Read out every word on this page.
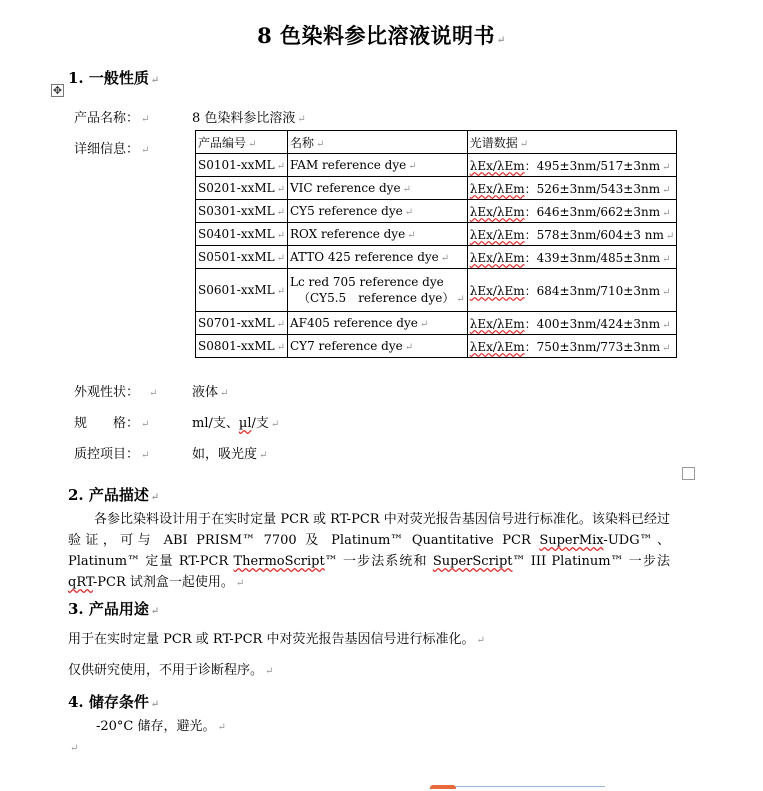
8 色染料参比溶液说明书 ↵
1. 一般性质 ↵
✥
产品名称： ↵	8 色染料参比溶液 ↵
详细信息： ↵
产品编号 ↵	名称 ↵	光谱数据 ↵
S0101-xxML ↵	FAM reference dye ↵	λEx/λEm：495±3nm/517±3nm ↵
S0201-xxML ↵	VIC reference dye ↵	λEx/λEm：526±3nm/543±3nm ↵
S0301-xxML ↵	CY5 reference dye ↵	λEx/λEm：646±3nm/662±3nm ↵
S0401-xxML ↵	ROX reference dye ↵	λEx/λEm：578±3nm/604±3 nm ↵
S0501-xxML ↵	ATTO 425 reference dye ↵	λEx/λEm：439±3nm/485±3nm ↵
S0601-xxML ↵	Lc red 705 reference dye
（CY5.5　reference dye） ↵	λEx/λEm：684±3nm/710±3nm ↵
S0701-xxML ↵	AF405 reference dye ↵	λEx/λEm：400±3nm/424±3nm ↵
S0801-xxML ↵	CY7 reference dye ↵	λEx/λEm：750±3nm/773±3nm ↵
外观性状： ↵	液体 ↵
规　　格： ↵	ml/支、µl/支 ↵
质控项目： ↵	如，吸光度 ↵
2. 产品描述 ↵
各参比染料设计用于在实时定量 PCR 或 RT-PCR 中对荧光报告基因信号进行标准化。该染料已经过验证，可与 ABI PRISM™ 7700 及 Platinum™ Quantitative PCR SuperMix-UDG™、Platinum™ 定量 RT-PCR ThermoScript™ 一步法系统和 SuperScript™ III Platinum™ 一步法 qRT-PCR 试剂盒一起使用。 ↵
3. 产品用途 ↵
用于在实时定量 PCR 或 RT-PCR 中对荧光报告基因信号进行标准化。 ↵
仅供研究使用，不用于诊断程序。 ↵
4. 储存条件 ↵
-20°C 储存，避光。 ↵
↵
